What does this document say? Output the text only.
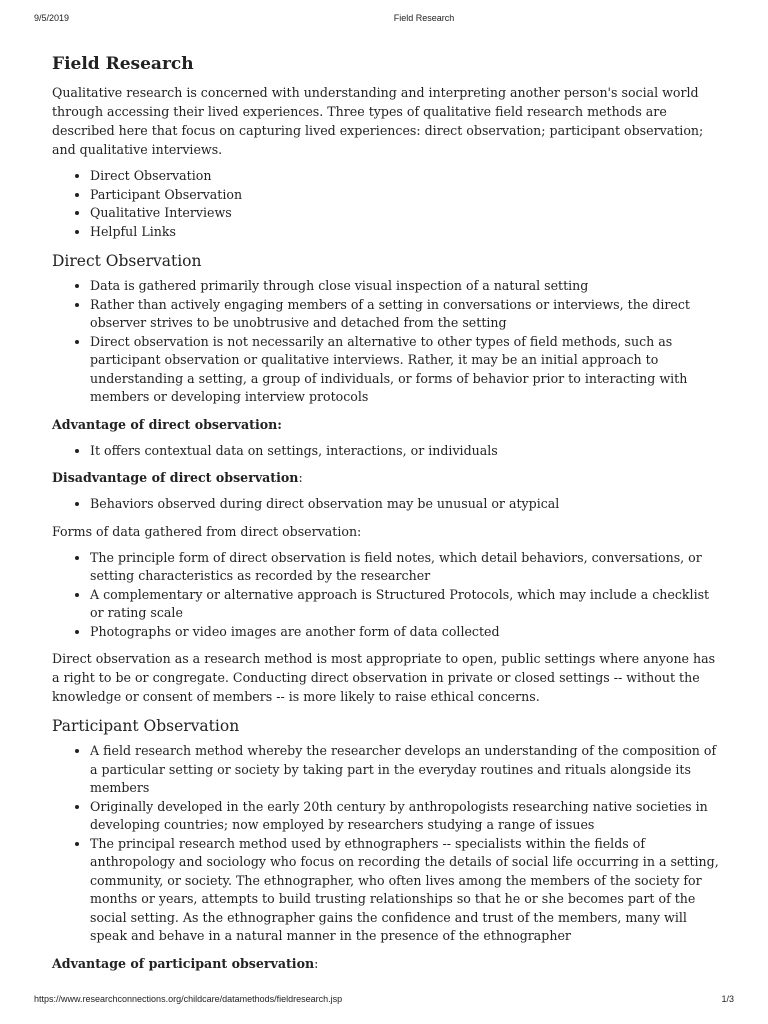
9/5/2019	Field Research
Field Research

Qualitative research is concerned with understanding and interpreting another person's social world through accessing their lived experiences. Three types of qualitative field research methods are described here that focus on capturing lived experiences: direct observation; participant observation; and qualitative interviews.

• Direct Observation
• Participant Observation
• Qualitative Interviews
• Helpful Links
Direct Observation
• Data is gathered primarily through close visual inspection of a natural setting
• Rather than actively engaging members of a setting in conversations or interviews, the direct observer strives to be unobtrusive and detached from the setting
• Direct observation is not necessarily an alternative to other types of field methods, such as participant observation or qualitative interviews. Rather, it may be an initial approach to understanding a setting, a group of individuals, or forms of behavior prior to interacting with members or developing interview protocols

Advantage of direct observation:

• It offers contextual data on settings, interactions, or individuals

Disadvantage of direct observation:

• Behaviors observed during direct observation may be unusual or atypical

Forms of data gathered from direct observation:

• The principle form of direct observation is field notes, which detail behaviors, conversations, or setting characteristics as recorded by the researcher
• A complementary or alternative approach is Structured Protocols, which may include a checklist or rating scale
• Photographs or video images are another form of data collected

Direct observation as a research method is most appropriate to open, public settings where anyone has a right to be or congregate. Conducting direct observation in private or closed settings -- without the knowledge or consent of members -- is more likely to raise ethical concerns.

Participant Observation
• A field research method whereby the researcher develops an understanding of the composition of a particular setting or society by taking part in the everyday routines and rituals alongside its members
• Originally developed in the early 20th century by anthropologists researching native societies in developing countries; now employed by researchers studying a range of issues
• The principal research method used by ethnographers -- specialists within the fields of anthropology and sociology who focus on recording the details of social life occurring in a setting, community, or society. The ethnographer, who often lives among the members of the society for months or years, attempts to build trusting relationships so that he or she becomes part of the social setting. As the ethnographer gains the confidence and trust of the members, many will speak and behave in a natural manner in the presence of the ethnographer

Advantage of participant observation:

https://www.researchconnections.org/childcare/datamethods/fieldresearch.jsp	1/3
